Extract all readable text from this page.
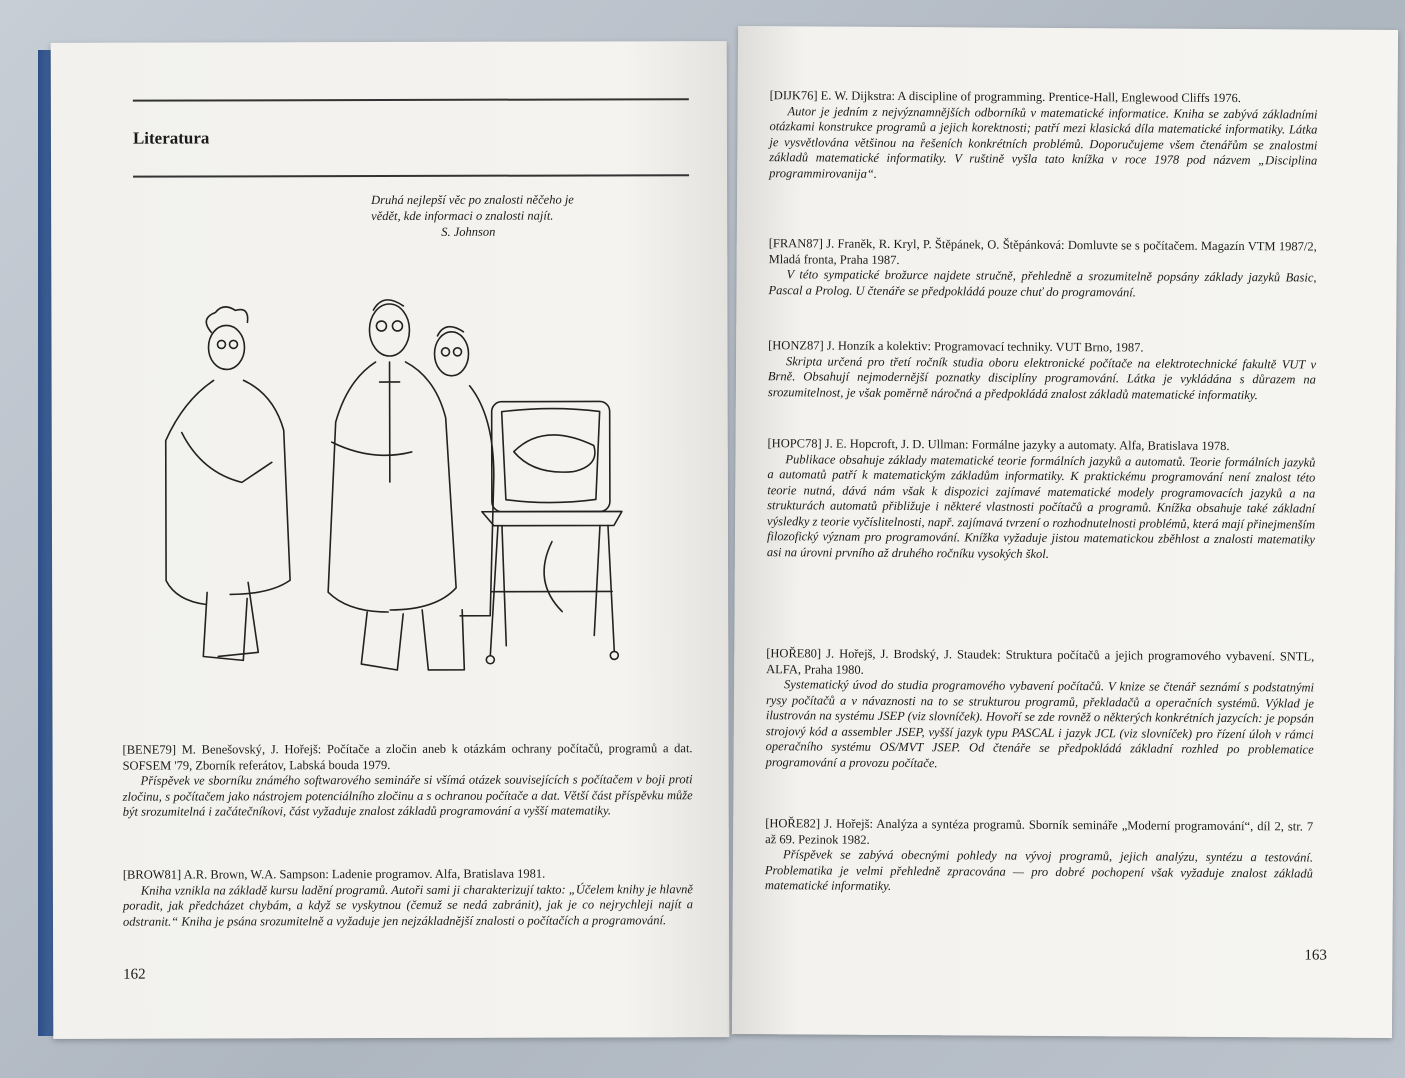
Literatura
Druhá nejlepší věc po znalosti něčeho je
vědět, kde informaci o znalosti najít.

S. Johnson
[BENE79] M. Benešovský, J. Hořejš: Počítače a zločin aneb k otázkám ochrany počítačů, programů a dat. SOFSEM '79, Zborník referátov, Labská bouda 1979.
Příspěvek ve sborníku známého softwarového semináře si všímá otázek souvisejících s počítačem v boji proti zločinu, s počítačem jako nástrojem potenciálního zločinu a s ochranou počítače a dat. Větší část příspěvku může být srozumitelná i začátečníkovi, část vyžaduje znalost základů programování a vyšší matematiky.
[BROW81] A.R. Brown, W.A. Sampson: Ladenie programov. Alfa, Bratislava 1981.
Kniha vznikla na základě kursu ladění programů. Autoři sami ji charakterizují takto: „Účelem knihy je hlavně poradit, jak předcházet chybám, a když se vyskytnou (čemuž se nedá zabránit), jak je co nejrychleji najít a odstranit.“ Kniha je psána srozumitelně a vyžaduje jen nejzákladnější znalosti o počítačích a programování.
162
[DIJK76] E. W. Dijkstra: A discipline of programming. Prentice-Hall, Englewood Cliffs 1976.
Autor je jedním z nejvýznamnějších odborníků v matematické informatice. Kniha se zabývá základními otázkami konstrukce programů a jejich korektnosti; patří mezi klasická díla matematické informatiky. Látka je vysvětlována většinou na řešeních konkrétních problémů. Doporučujeme všem čtenářům se znalostmi základů matematické informatiky. V ruštině vyšla tato knížka v roce 1978 pod názvem „Disciplina programmirovanija“.
[FRAN87] J. Franěk, R. Kryl, P. Štěpánek, O. Štěpánková: Domluvte se s počítačem. Magazín VTM 1987/2, Mladá fronta, Praha 1987.
V této sympatické brožurce najdete stručně, přehledně a srozumitelně popsány základy jazyků Basic, Pascal a Prolog. U čtenáře se předpokládá pouze chuť do programování.
[HONZ87] J. Honzík a kolektiv: Programovací techniky. VUT Brno, 1987.
Skripta určená pro třetí ročník studia oboru elektronické počítače na elektrotechnické fakultě VUT v Brně. Obsahují nejmodernější poznatky disciplíny programování. Látka je vykládána s důrazem na srozumitelnost, je však poměrně náročná a předpokládá znalost základů matematické informatiky.
[HOPC78] J. E. Hopcroft, J. D. Ullman: Formálne jazyky a automaty. Alfa, Bratislava 1978.
Publikace obsahuje základy matematické teorie formálních jazyků a automatů. Teorie formálních jazyků a automatů patří k matematickým základům informatiky. K praktickému programování není znalost této teorie nutná, dává nám však k dispozici zajímavé matematické modely programovacích jazyků a na strukturách automatů přibližuje i některé vlastnosti počítačů a programů. Knížka obsahuje také základní výsledky z teorie vyčíslitelnosti, např. zajímavá tvrzení o rozhodnutelnosti problémů, která mají přinejmenším filozofický význam pro programování. Knížka vyžaduje jistou matematickou zběhlost a znalosti matematiky asi na úrovni prvního až druhého ročníku vysokých škol.
[HOŘE80] J. Hořejš, J. Brodský, J. Staudek: Struktura počítačů a jejich programového vybavení. SNTL, ALFA, Praha 1980.
Systematický úvod do studia programového vybavení počítačů. V knize se čtenář seznámí s podstatnými rysy počítačů a v návaznosti na to se strukturou programů, překladačů a operačních systémů. Výklad je ilustrován na systému JSEP (viz slovníček). Hovoří se zde rovněž o některých konkrétních jazycích: je popsán strojový kód a assembler JSEP, vyšší jazyk typu PASCAL i jazyk JCL (viz slovníček) pro řízení úloh v rámci operačního systému OS/MVT JSEP. Od čtenáře se předpokládá základní rozhled po problematice programování a provozu počítače.
[HOŘE82] J. Hořejš: Analýza a syntéza programů. Sborník semináře „Moderní programování“, díl 2, str. 7 až 69. Pezinok 1982.
Příspěvek se zabývá obecnými pohledy na vývoj programů, jejich analýzu, syntézu a testování. Problematika je velmi přehledně zpracována — pro dobré pochopení však vyžaduje znalost základů matematické informatiky.
163
